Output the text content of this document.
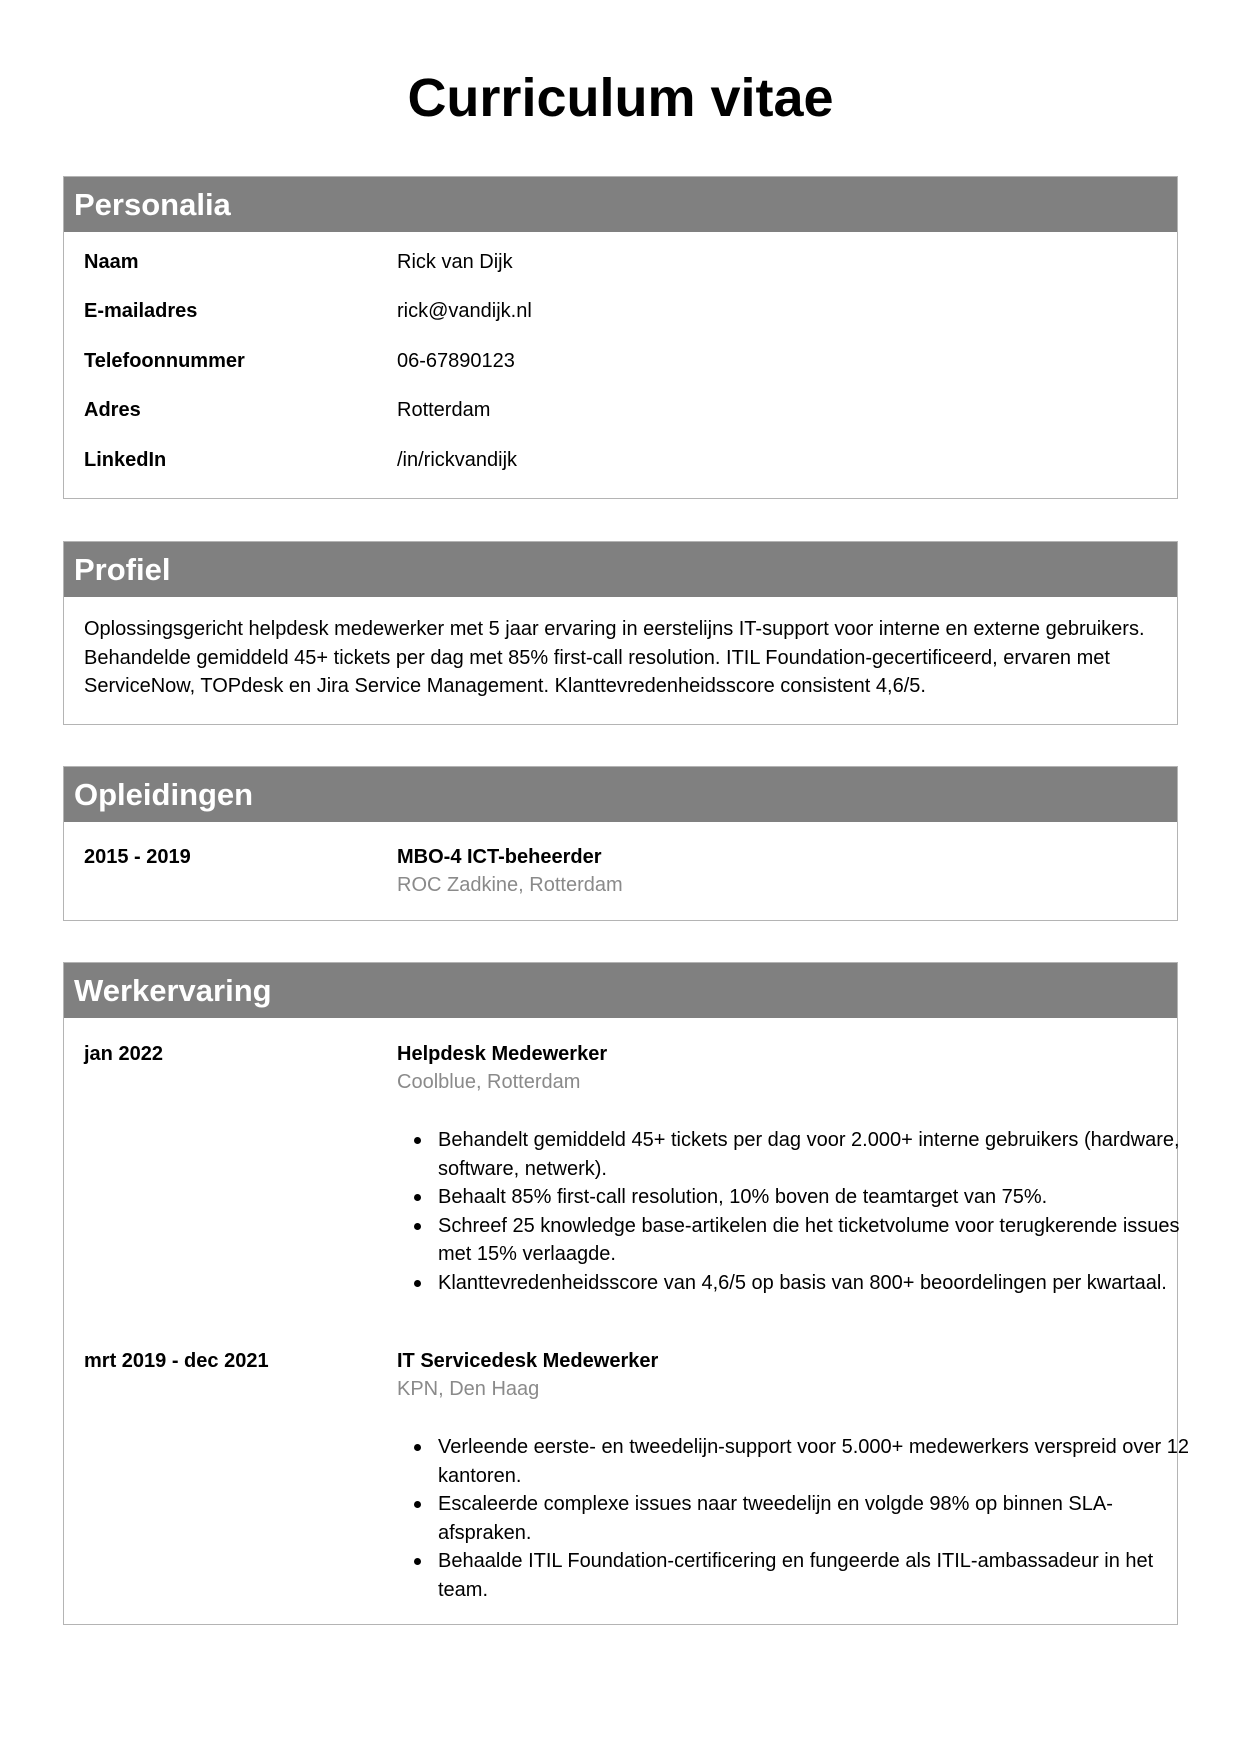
Curriculum vitae
Personalia
Naam	Rick van Dijk
E-mailadres	rick@vandijk.nl
Telefoonnummer	06-67890123
Adres	Rotterdam
LinkedIn	/in/rickvandijk
Profiel
Oplossingsgericht helpdesk medewerker met 5 jaar ervaring in eerstelijns IT-support voor interne en externe gebruikers. Behandelde gemiddeld 45+ tickets per dag met 85% first-call resolution. ITIL Foundation-gecertificeerd, ervaren met ServiceNow, TOPdesk en Jira Service Management. Klanttevredenheidsscore consistent 4,6/5.
Opleidingen
2015 - 2019	MBO-4 ICT-beheerder
ROC Zadkine, Rotterdam
Werkervaring
jan 2022	Helpdesk Medewerker
Coolblue, Rotterdam
Behandelt gemiddeld 45+ tickets per dag voor 2.000+ interne gebruikers (hardware, software, netwerk).
Behaalt 85% first-call resolution, 10% boven de teamtarget van 75%.
Schreef 25 knowledge base-artikelen die het ticketvolume voor terugkerende issues met 15% verlaagde.
Klanttevredenheidsscore van 4,6/5 op basis van 800+ beoordelingen per kwartaal.
mrt 2019 - dec 2021	IT Servicedesk Medewerker
KPN, Den Haag
Verleende eerste- en tweedelijn-support voor 5.000+ medewerkers verspreid over 12 kantoren.
Escaleerde complexe issues naar tweedelijn en volgde 98% op binnen SLA-afspraken.
Behaalde ITIL Foundation-certificering en fungeerde als ITIL-ambassadeur in het team.
